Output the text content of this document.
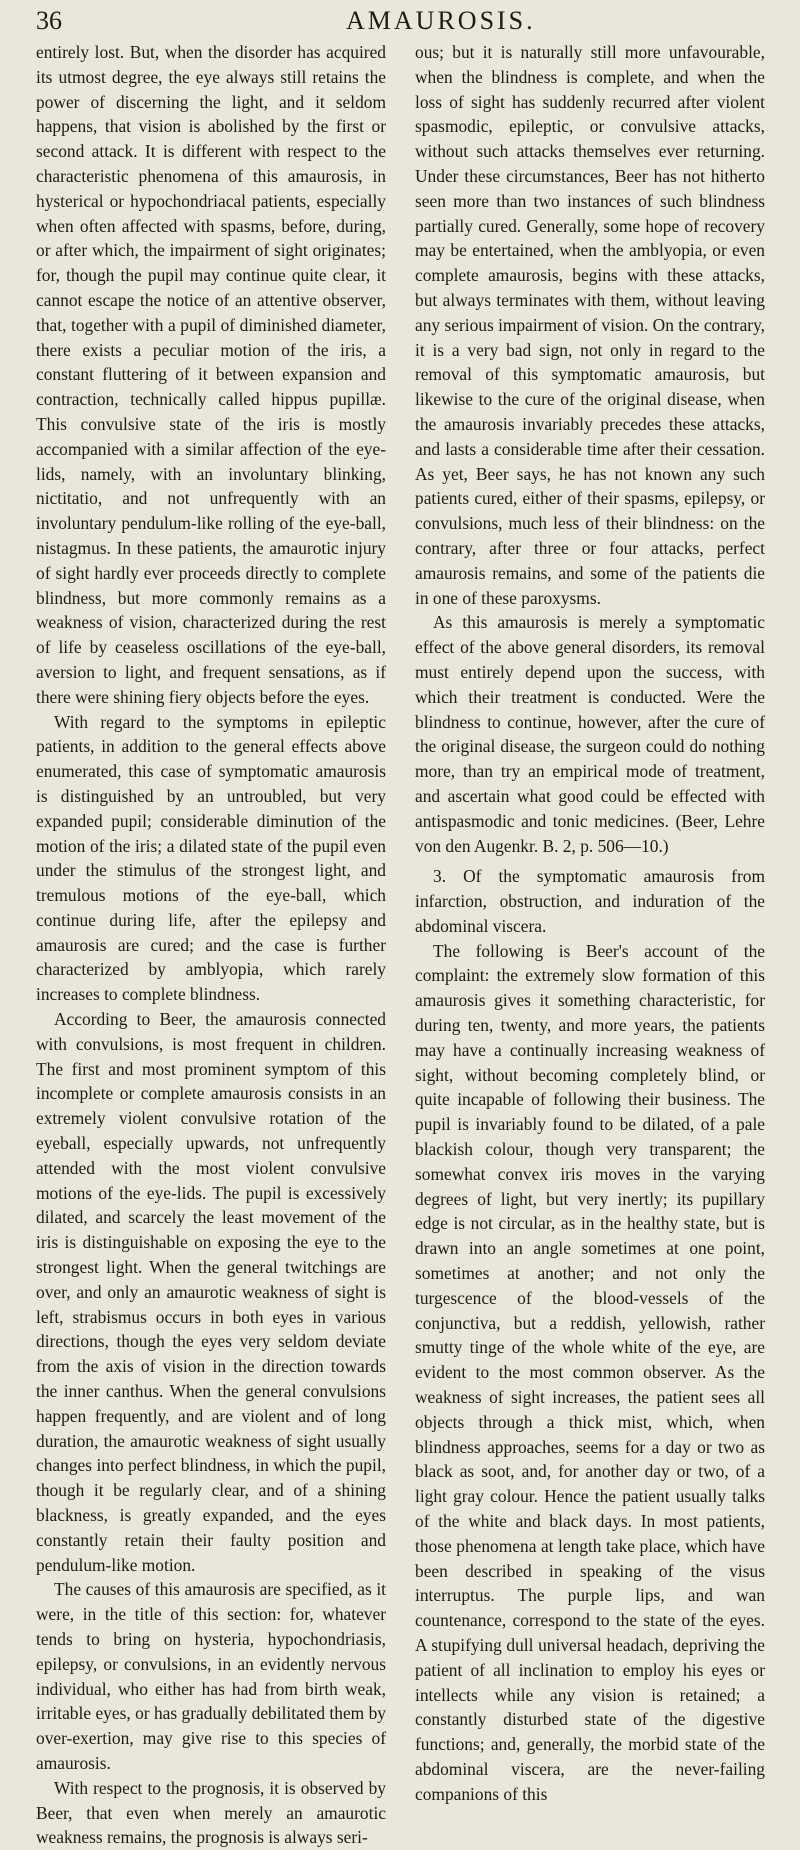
36	AMAUROSIS.

entirely lost. But, when the disorder has acquired its utmost degree, the eye always still retains the power of discerning the light, and it seldom happens, that vision is abolished by the first or second attack. It is different with respect to the characteristic phenomena of this amaurosis, in hysterical or hypochondriacal patients, especially when often affected with spasms, before, during, or after which, the impairment of sight originates; for, though the pupil may continue quite clear, it cannot escape the notice of an attentive observer, that, together with a pupil of diminished diameter, there exists a peculiar motion of the iris, a constant fluttering of it between expansion and contraction, technically called hippus pupillæ. This convulsive state of the iris is mostly accompanied with a similar affection of the eye-lids, namely, with an involuntary blinking, nictitatio, and not unfrequently with an involuntary pendulum-like rolling of the eye-ball, nistagmus. In these patients, the amaurotic injury of sight hardly ever proceeds directly to complete blindness, but more commonly remains as a weakness of vision, characterized during the rest of life by ceaseless oscillations of the eye-ball, aversion to light, and frequent sensations, as if there were shining fiery objects before the eyes.

With regard to the symptoms in epileptic patients, in addition to the general effects above enumerated, this case of symptomatic amaurosis is distinguished by an untroubled, but very expanded pupil; considerable diminution of the motion of the iris; a dilated state of the pupil even under the stimulus of the strongest light, and tremulous motions of the eye-ball, which continue during life, after the epilepsy and amaurosis are cured; and the case is further characterized by amblyopia, which rarely increases to complete blindness.

According to Beer, the amaurosis connected with convulsions, is most frequent in children. The first and most prominent symptom of this incomplete or complete amaurosis consists in an extremely violent convulsive rotation of the eyeball, especially upwards, not unfrequently attended with the most violent convulsive motions of the eye-lids. The pupil is excessively dilated, and scarcely the least movement of the iris is distinguishable on exposing the eye to the strongest light. When the general twitchings are over, and only an amaurotic weakness of sight is left, strabismus occurs in both eyes in various directions, though the eyes very seldom deviate from the axis of vision in the direction towards the inner canthus. When the general convulsions happen frequently, and are violent and of long duration, the amaurotic weakness of sight usually changes into perfect blindness, in which the pupil, though it be regularly clear, and of a shining blackness, is greatly expanded, and the eyes constantly retain their faulty position and pendulum-like motion.

The causes of this amaurosis are specified, as it were, in the title of this section: for, whatever tends to bring on hysteria, hypochondriasis, epilepsy, or convulsions, in an evidently nervous individual, who either has had from birth weak, irritable eyes, or has gradually debilitated them by over-exertion, may give rise to this species of amaurosis.

With respect to the prognosis, it is observed by Beer, that even when merely an amaurotic weakness remains, the prognosis is always seri-

ous; but it is naturally still more unfavourable, when the blindness is complete, and when the loss of sight has suddenly recurred after violent spasmodic, epileptic, or convulsive attacks, without such attacks themselves ever returning. Under these circumstances, Beer has not hitherto seen more than two instances of such blindness partially cured. Generally, some hope of recovery may be entertained, when the amblyopia, or even complete amaurosis, begins with these attacks, but always terminates with them, without leaving any serious impairment of vision. On the contrary, it is a very bad sign, not only in regard to the removal of this symptomatic amaurosis, but likewise to the cure of the original disease, when the amaurosis invariably precedes these attacks, and lasts a considerable time after their cessation. As yet, Beer says, he has not known any such patients cured, either of their spasms, epilepsy, or convulsions, much less of their blindness: on the contrary, after three or four attacks, perfect amaurosis remains, and some of the patients die in one of these paroxysms.

As this amaurosis is merely a symptomatic effect of the above general disorders, its removal must entirely depend upon the success, with which their treatment is conducted. Were the blindness to continue, however, after the cure of the original disease, the surgeon could do nothing more, than try an empirical mode of treatment, and ascertain what good could be effected with antispasmodic and tonic medicines. (Beer, Lehre von den Augenkr. B. 2, p. 506—10.)

3. Of the symptomatic amaurosis from infarction, obstruction, and induration of the abdominal viscera.

The following is Beer's account of the complaint: the extremely slow formation of this amaurosis gives it something characteristic, for during ten, twenty, and more years, the patients may have a continually increasing weakness of sight, without becoming completely blind, or quite incapable of following their business. The pupil is invariably found to be dilated, of a pale blackish colour, though very transparent; the somewhat convex iris moves in the varying degrees of light, but very inertly; its pupillary edge is not circular, as in the healthy state, but is drawn into an angle sometimes at one point, sometimes at another; and not only the turgescence of the blood-vessels of the conjunctiva, but a reddish, yellowish, rather smutty tinge of the whole white of the eye, are evident to the most common observer. As the weakness of sight increases, the patient sees all objects through a thick mist, which, when blindness approaches, seems for a day or two as black as soot, and, for another day or two, of a light gray colour. Hence the patient usually talks of the white and black days. In most patients, those phenomena at length take place, which have been described in speaking of the visus interruptus. The purple lips, and wan countenance, correspond to the state of the eyes. A stupifying dull universal headach, depriving the patient of all inclination to employ his eyes or intellects while any vision is retained; a constantly disturbed state of the digestive functions; and, generally, the morbid state of the abdominal viscera, are the never-failing companions of this
